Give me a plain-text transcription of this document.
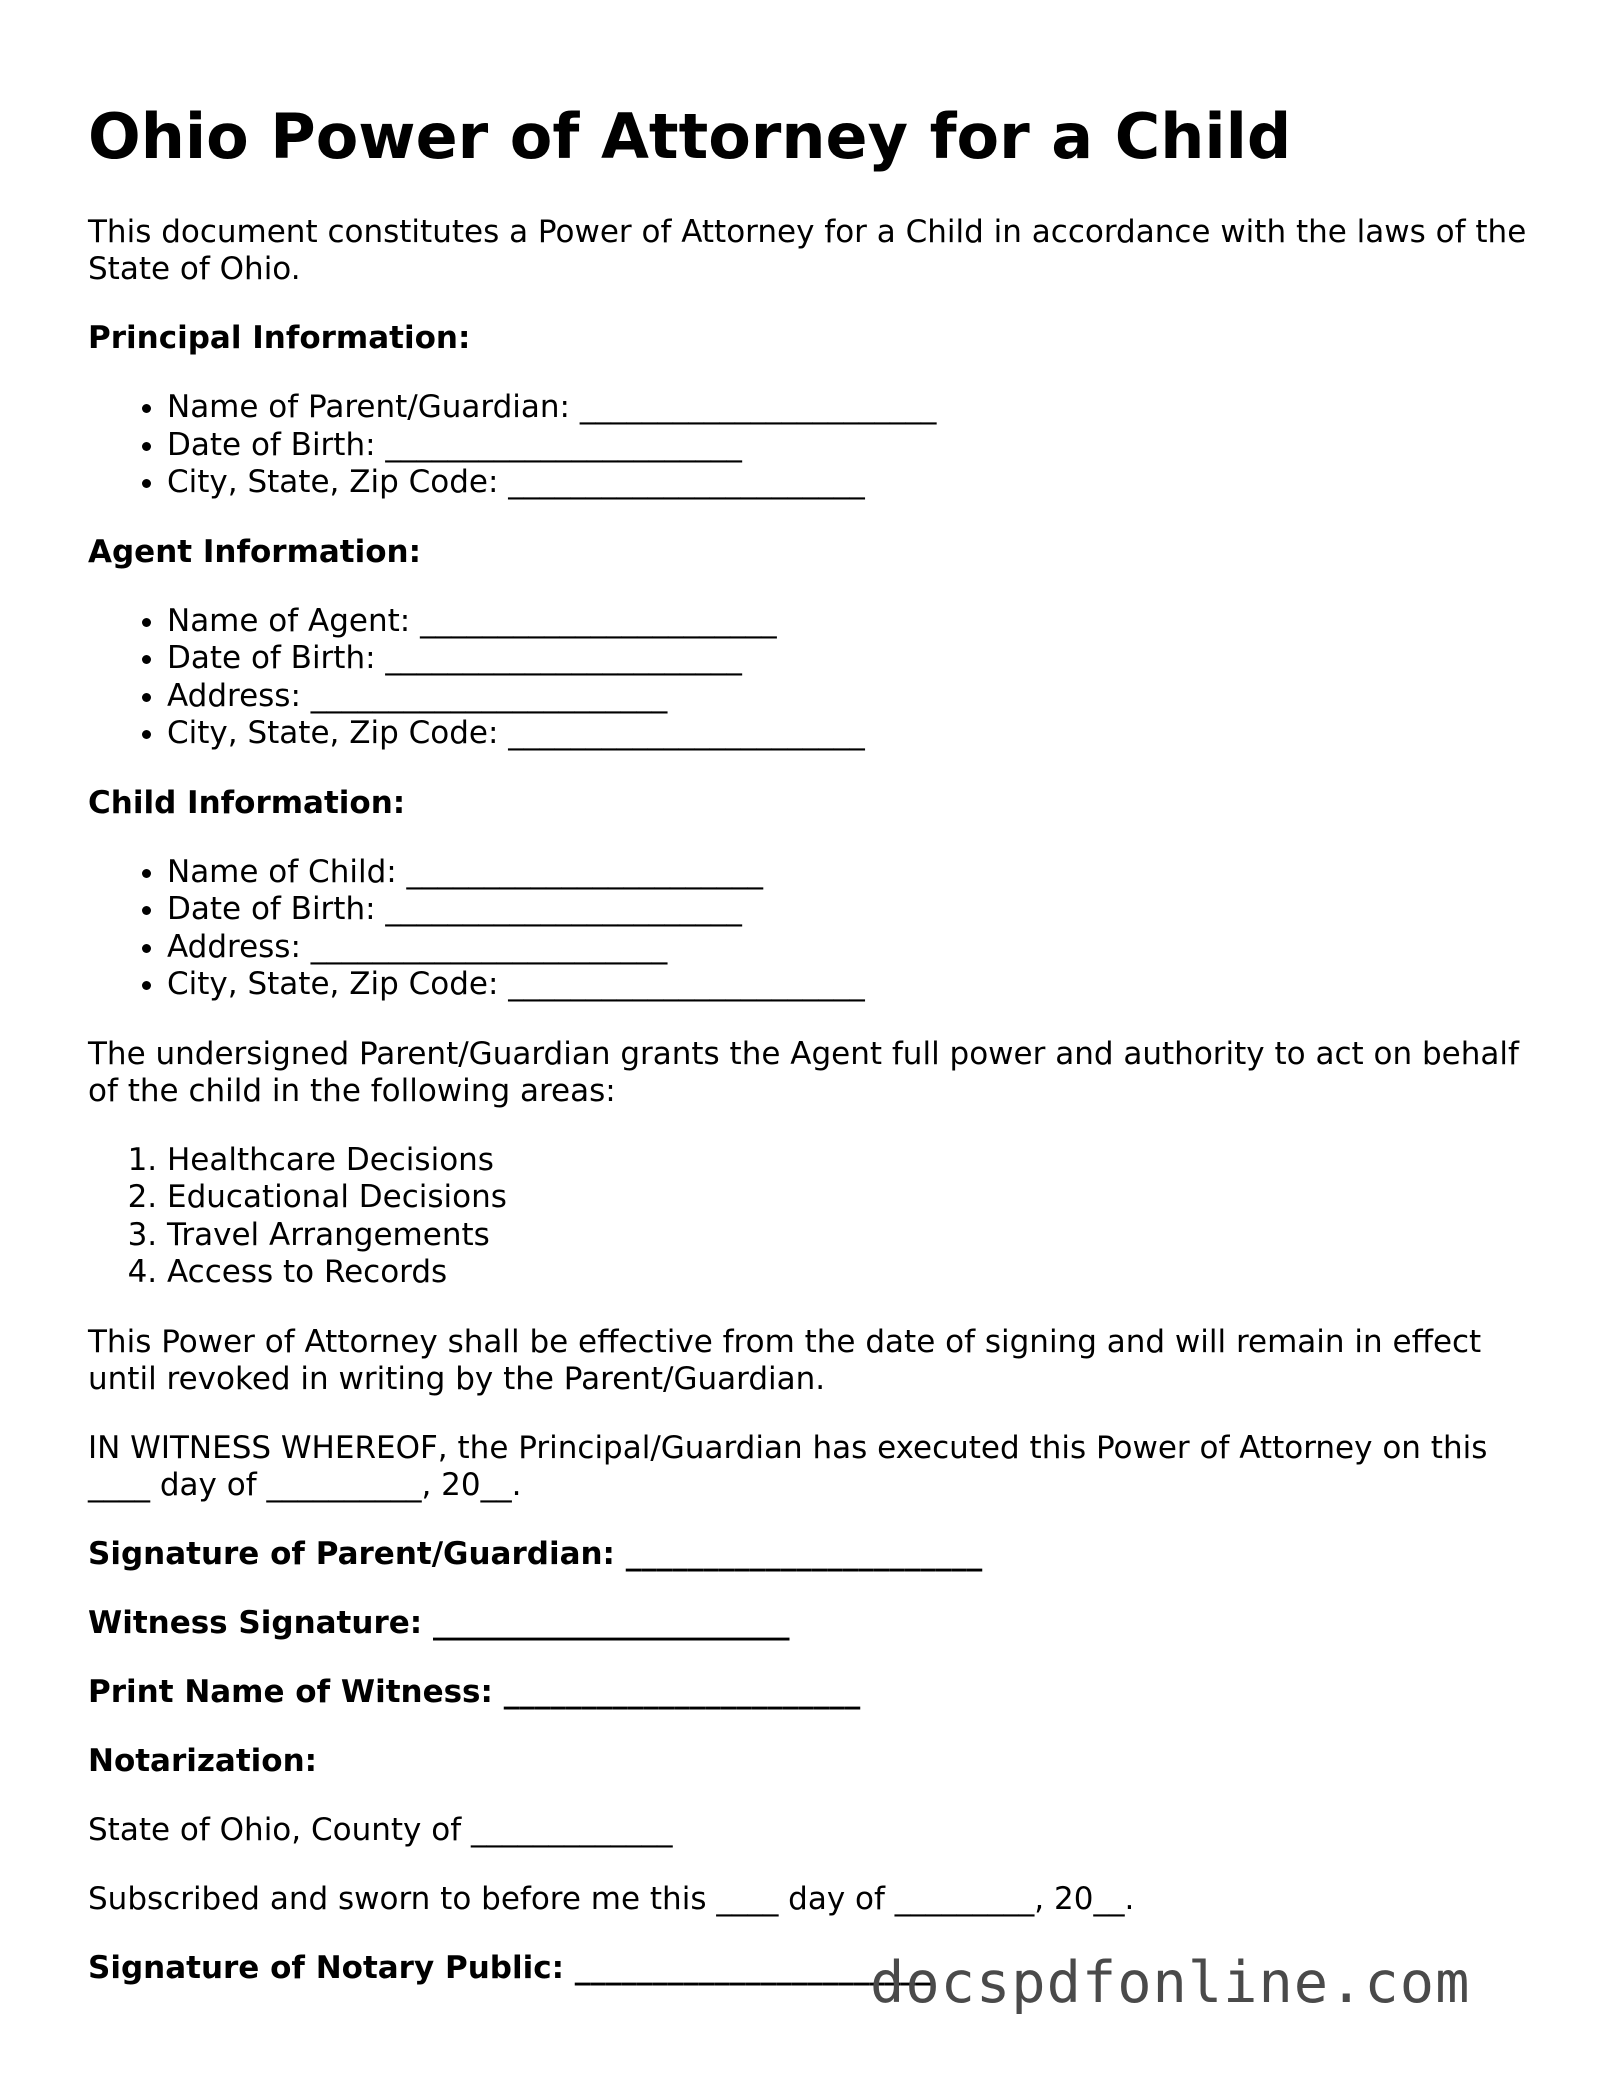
Ohio Power of Attorney for a Child

This document constitutes a Power of Attorney for a Child in accordance with the laws of the State of Ohio.

Principal Information:

• Name of Parent/Guardian: _______________________
• Date of Birth: _______________________
• City, State, Zip Code: _______________________

Agent Information:

• Name of Agent: _______________________
• Date of Birth: _______________________
• Address: _______________________
• City, State, Zip Code: _______________________

Child Information:

• Name of Child: _______________________
• Date of Birth: _______________________
• Address: _______________________
• City, State, Zip Code: _______________________

The undersigned Parent/Guardian grants the Agent full power and authority to act on behalf of the child in the following areas:

1. Healthcare Decisions
2. Educational Decisions
3. Travel Arrangements
4. Access to Records

This Power of Attorney shall be effective from the date of signing and will remain in effect until revoked in writing by the Parent/Guardian.

IN WITNESS WHEREOF, the Principal/Guardian has executed this Power of Attorney on this ____ day of __________, 20__.

Signature of Parent/Guardian: _______________________

Witness Signature: _______________________

Print Name of Witness: _______________________

Notarization:

State of Ohio, County of _____________

Subscribed and sworn to before me this ____ day of _________, 20__.

Signature of Notary Public: _______________________

docspdfonline.com
